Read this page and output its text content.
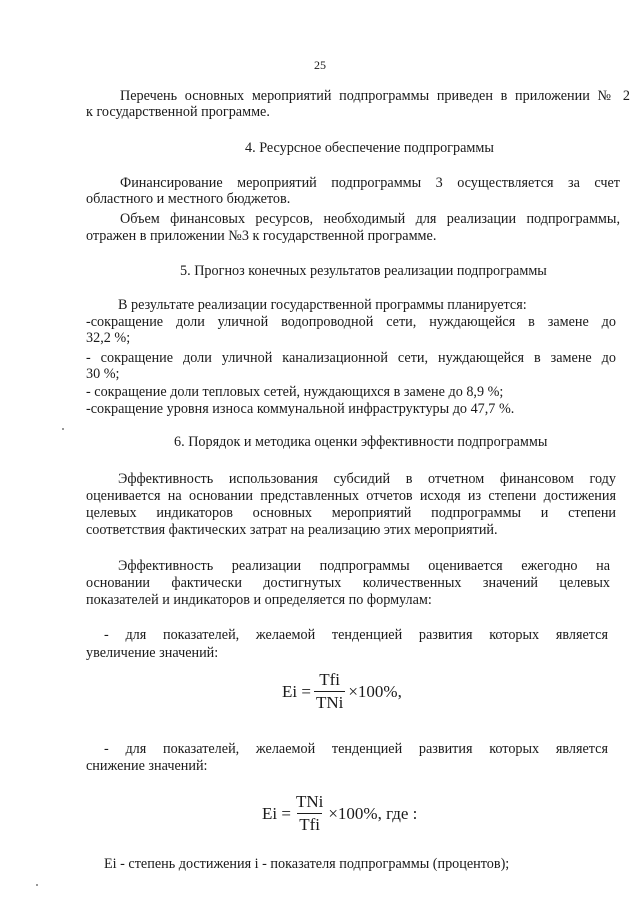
25
Перечень основных мероприятий подпрограммы приведен в приложении № 2
к государственной программе.
4. Ресурсное обеспечение подпрограммы
Финансирование мероприятий подпрограммы 3 осуществляется за счет
областного и местного бюджетов.
Объем финансовых ресурсов, необходимый для реализации подпрограммы,
отражен в приложении №3 к государственной программе.
5. Прогноз конечных результатов реализации подпрограммы
В результате реализации государственной программы планируется:
-сокращение доли уличной водопроводной сети, нуждающейся в замене до
32,2 %;
- сокращение доли уличной канализационной сети, нуждающейся в замене до
30 %;
- сокращение доли тепловых сетей, нуждающихся в замене до 8,9 %;
-сокращение уровня износа коммунальной инфраструктуры до 47,7 %.
6. Порядок и методика оценки эффективности подпрограммы
Эффективность использования субсидий в отчетном финансовом году
оценивается на основании представленных отчетов исходя из степени достижения
целевых индикаторов основных мероприятий подпрограммы и степени
соответствия фактических затрат на реализацию этих мероприятий.
Эффективность реализации подпрограммы оценивается ежегодно на
основании фактически достигнутых количественных значений целевых
показателей и индикаторов и определяется по формулам:
- для показателей, желаемой тенденцией развития которых является
увеличение значений:
$Ei = \frac{\text{Tfi}}{\text{TNi}} \times 100\%$,
- для показателей, желаемой тенденцией развития которых является
снижение значений:
$Ei = \frac{\text{TNi}}{\text{Tfi}} \times 100\%$, где :
Ei - степень достижения i - показателя подпрограммы (процентов);
